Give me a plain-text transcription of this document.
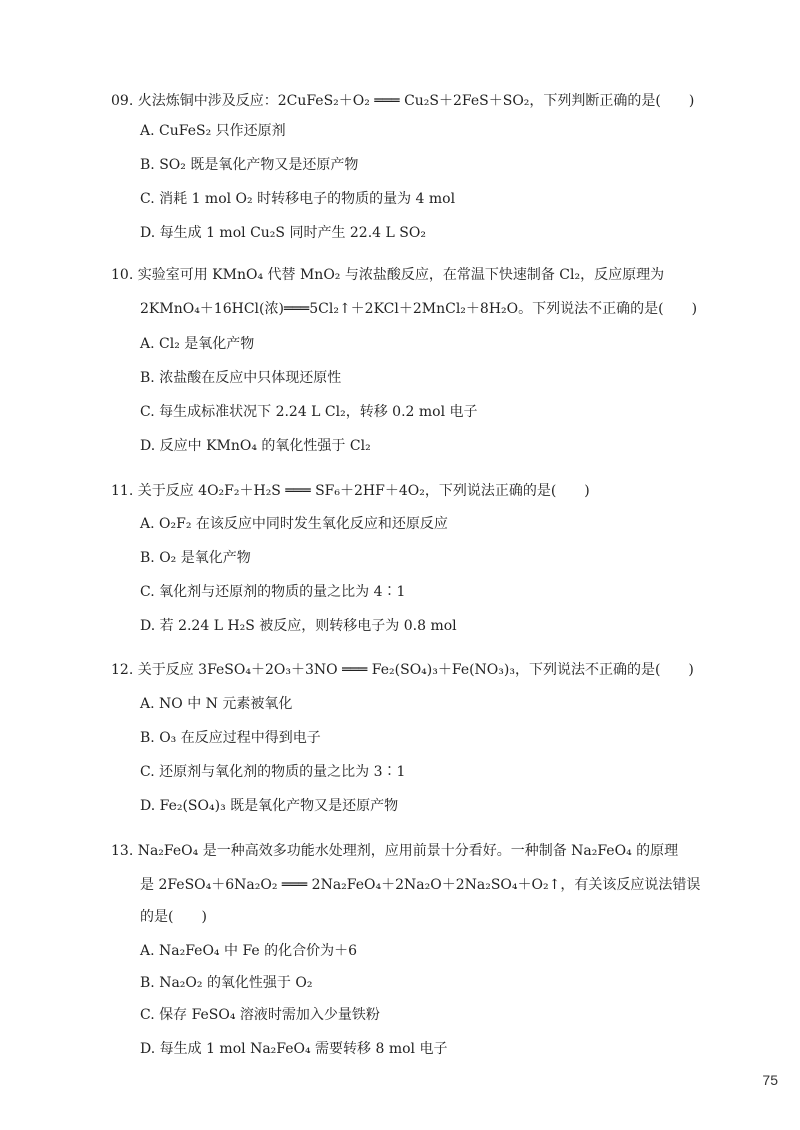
09. 火法炼铜中涉及反应：2CuFeS₂＋O₂ ═══ Cu₂S＋2FeS＋SO₂，下列判断正确的是(　　)
A. CuFeS₂ 只作还原剂
B. SO₂ 既是氧化产物又是还原产物
C. 消耗 1 mol O₂ 时转移电子的物质的量为 4 mol
D. 每生成 1 mol Cu₂S 同时产生 22.4 L SO₂
10. 实验室可用 KMnO₄ 代替 MnO₂ 与浓盐酸反应，在常温下快速制备 Cl₂，反应原理为
2KMnO₄＋16HCl(浓)═══5Cl₂↑＋2KCl＋2MnCl₂＋8H₂O。下列说法不正确的是(　　)
A. Cl₂ 是氧化产物
B. 浓盐酸在反应中只体现还原性
C. 每生成标准状况下 2.24 L Cl₂，转移 0.2 mol 电子
D. 反应中 KMnO₄ 的氧化性强于 Cl₂
11. 关于反应 4O₂F₂＋H₂S ═══ SF₆＋2HF＋4O₂，下列说法正确的是(　　)
A. O₂F₂ 在该反应中同时发生氧化反应和还原反应
B. O₂ 是氧化产物
C. 氧化剂与还原剂的物质的量之比为 4∶1
D. 若 2.24 L H₂S 被反应，则转移电子为 0.8 mol
12. 关于反应 3FeSO₄＋2O₃＋3NO ═══ Fe₂(SO₄)₃＋Fe(NO₃)₃，下列说法不正确的是(　　)
A. NO 中 N 元素被氧化
B. O₃ 在反应过程中得到电子
C. 还原剂与氧化剂的物质的量之比为 3∶1
D. Fe₂(SO₄)₃ 既是氧化产物又是还原产物
13. Na₂FeO₄ 是一种高效多功能水处理剂，应用前景十分看好。一种制备 Na₂FeO₄ 的原理
是 2FeSO₄＋6Na₂O₂ ═══ 2Na₂FeO₄＋2Na₂O＋2Na₂SO₄＋O₂↑，有关该反应说法错误
的是(　　)
A. Na₂FeO₄ 中 Fe 的化合价为＋6
B. Na₂O₂ 的氧化性强于 O₂
C. 保存 FeSO₄ 溶液时需加入少量铁粉
D. 每生成 1 mol Na₂FeO₄ 需要转移 8 mol 电子
75
